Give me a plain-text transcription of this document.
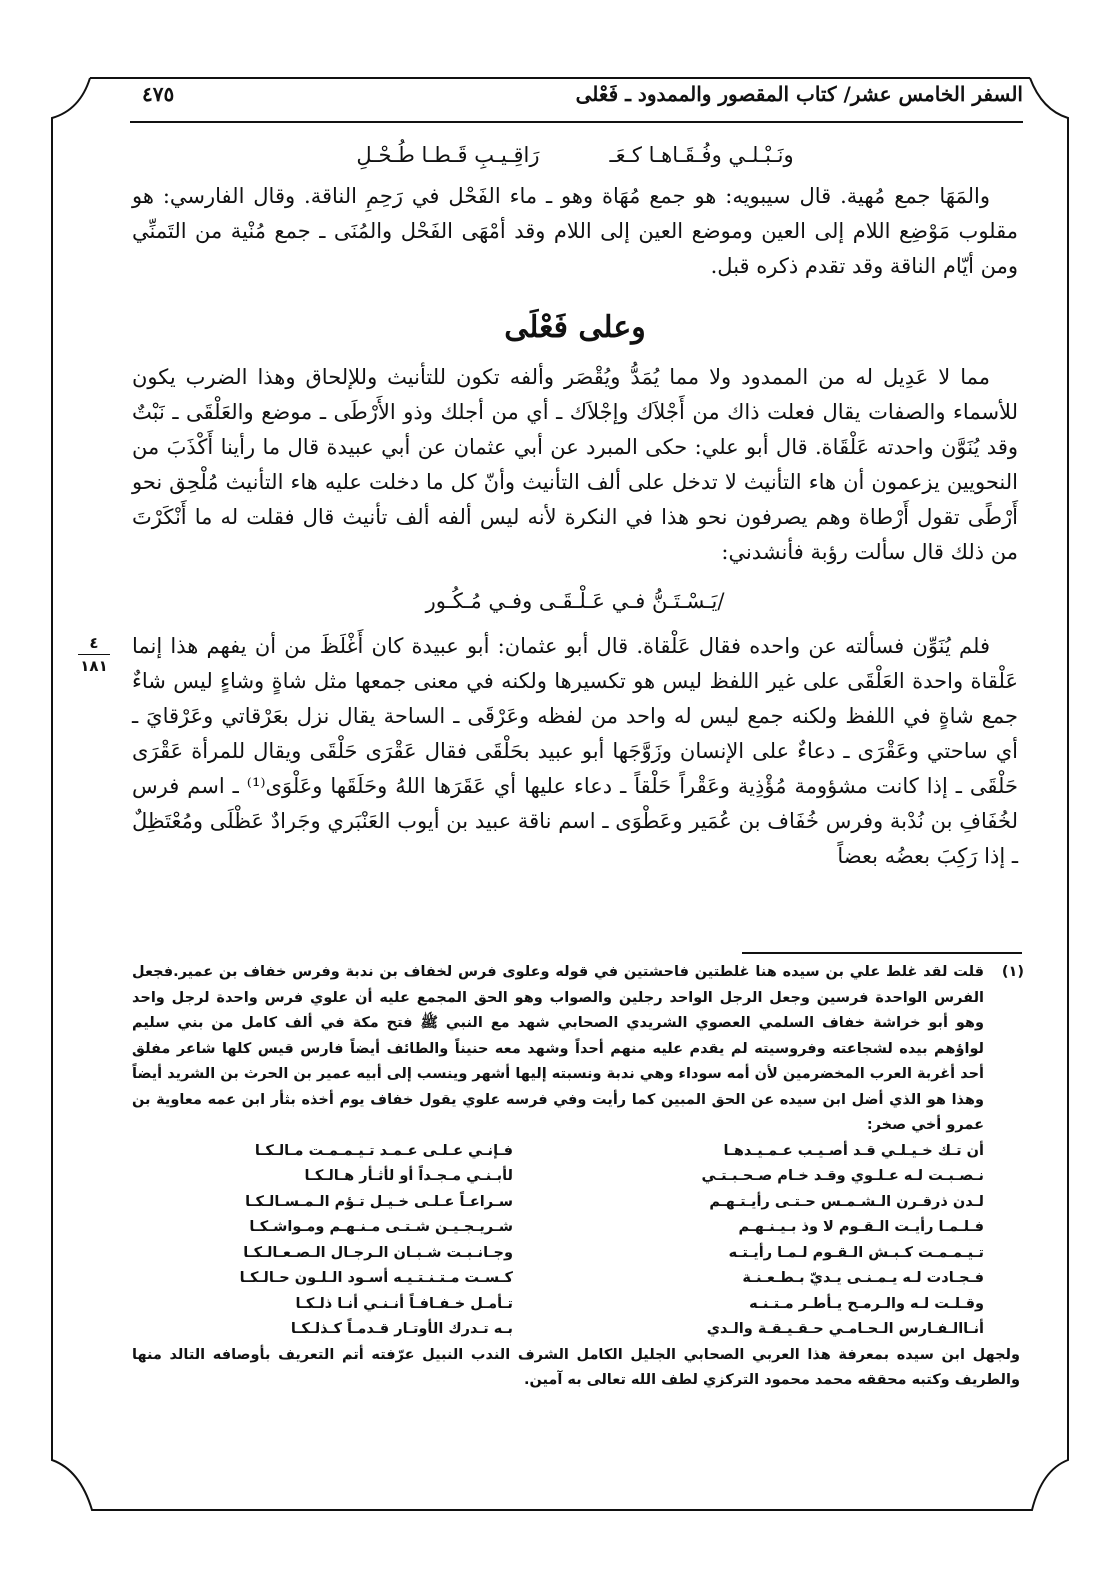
السفر الخامس عشر/ كتاب المقصور والممدود ـ فَعْلى
٤٧٥
ونَـبْـلـي وفُـقَـاهـا كـعَـ
رَاقِـيـبِ قَـطـا طُـحْـلِ

والمَهَا جمع مُهية. قال سيبويه: هو جمع مُهَاة وهو ـ ماء الفَحْل في رَحِمِ الناقة. وقال الفارسي: هو مقلوب مَوْضِع اللام إلى العين وموضع العين إلى اللام وقد أمْهَى الفَحْل والمُنَى ـ جمع مُنْية من التَمنِّي ومن أيّام الناقة وقد تقدم ذكره قبل.

وعلى فَعْلَى

مما لا عَدِيل له من الممدود ولا مما يُمَدُّ ويُقْصَر وألفه تكون للتأنيث وللإلحاق وهذا الضرب يكون للأسماء والصفات يقال فعلت ذاك من أَجْلاَك وإجْلاَك ـ أي من أجلك وذو الأَرْطَى ـ موضع والعَلْقَى ـ نَبْتٌ وقد يُنَوَّن واحدته عَلْقَاة. قال أبو علي: حكى المبرد عن أبي عثمان عن أبي عبيدة قال ما رأينا أَكْذَبَ من النحويين يزعمون أن هاء التأنيث لا تدخل على ألف التأنيث وأنّ كل ما دخلت عليه هاء التأنيث مُلْحِق نحو أَرْطًى تقول أَرْطاة وهم يصرفون نحو هذا في النكرة لأنه ليس ألفه ألف تأنيث قال فقلت له ما أَنْكَرْتَ من ذلك قال سألت رؤبة فأنشدني:

/يَـسْـتَـنُّ فـي عَـلْـقَـى وفـي مُـكُـور

فلم يُنَوِّن فسألته عن واحده فقال عَلْقاة. قال أبو عثمان: أبو عبيدة كان أَغْلَظَ من أن يفهم هذا إنما عَلْقاة واحدة العَلْقَى على غير اللفظ ليس هو تكسيرها ولكنه في معنى جمعها مثل شاةٍ وشاءٍ ليس شاءٌ جمع شاةٍ في اللفظ ولكنه جمع ليس له واحد من لفظه وعَرْقَى ـ الساحة يقال نزل بعَرْقاتي وعَرْقايَ ـ أي ساحتي وعَقْرَى ـ دعاءٌ على الإنسان وزَوَّجَها أبو عبيد بحَلْقَى فقال عَقْرَى حَلْقَى ويقال للمرأة عَقْرَى حَلْقَى ـ إذا كانت مشؤومة مُؤْذِية وعَقْراً حَلْقاً ـ دعاء عليها أي عَقَرَها اللهُ وحَلَقَها وعَلْوَى⁽¹⁾ ـ اسم فرس لخُفَافِ بن نُدْبة وفرس خُفَاف بن عُمَير وعَطْوَى ـ اسم ناقة عبيد بن أيوب العَنْبَري وجَرادٌ عَظْلَى ومُعْتَظِلٌ ـ إذا رَكِبَ بعضُه بعضاً

٤
١٨١
(١)
قلت لقد غلط علي بن سيده هنا غلطتين فاحشتين في قوله وعلوى فرس لخفاف بن ندبة وفرس خفاف بن عمير.فجعل الفرس الواحدة فرسين وجعل الرجل الواحد رجلين والصواب وهو الحق المجمع عليه أن علوي فرس واحدة لرجل واحد وهو أبو خراشة خفاف السلمي العصوي الشريدي الصحابي شهد مع النبي ﷺ فتح مكة في ألف كامل من بني سليم لواؤهم بيده لشجاعته وفروسيته لم يقدم عليه منهم أحداً وشهد معه حنيناً والطائف أيضاً فارس قيس كلها شاعر مفلق أحد أغربة العرب المخضرمين لأن أمه سوداء وهي ندبة ونسبته إليها أشهر وينسب إلى أبيه عمير بن الحرث بن الشريد أيضاً وهذا هو الذي أضل ابن سيده عن الحق المبين كما رأيت وفي فرسه علوي يقول خفاف يوم أخذه بثأر ابن عمه معاوية بن عمرو أخي صخر:
أن تـك خـيـلـي قـد أصـيـب عـمـيـدهـا
فـإنـي عـلـى عـمـد تـيـمـمـت مـالـكـا
نـصـبـت لـه عـلـوي وقـد خـام صـحـبـتـي
لأبـنـي مـجـداً أو لأثـأر هـالـكـا
لـدن ذرقـرن الـشـمـس حـتـى رأيـتـهـم
سـراعـاً عـلـى خـيـل تـؤم الـمـسـالـكـا
فـلـمـا رأيـت الـقـوم لا وذ بـيـنـهـم
شـريـجـيـن شـتـى مـنـهـم ومـواشـكـا
تـيـمـمـت كـبـش الـقـوم لـمـا رأيـتـه
وجـانـبـت شـبـان الـرجـال الـصـعـالـكـا
فـجـادت لـه يـمـنـى يـديّ بـطـعـنـة
كـسـت مـتـنـتـيـه أسـود الـلـون حـالـكـا
وقـلـت لـه والـرمـح يـأطـر مـتـنـه
تـأمـل خـفـافـاً أنـنـي أنـا ذلـكـا
أنـاالـفـارس الـحـامـي حـقـيـقـة والـدي
بـه تـدرك الأوتـار قـدمـاً كـذلـكـا
ولجهل ابن سيده بمعرفة هذا العربي الصحابي الجليل الكامل الشرف الندب النبيل عرّفته أتم التعريف بأوصافه التالد منها والطريف وكتبه محققه محمد محمود التركزي لطف الله تعالى به آمين.
